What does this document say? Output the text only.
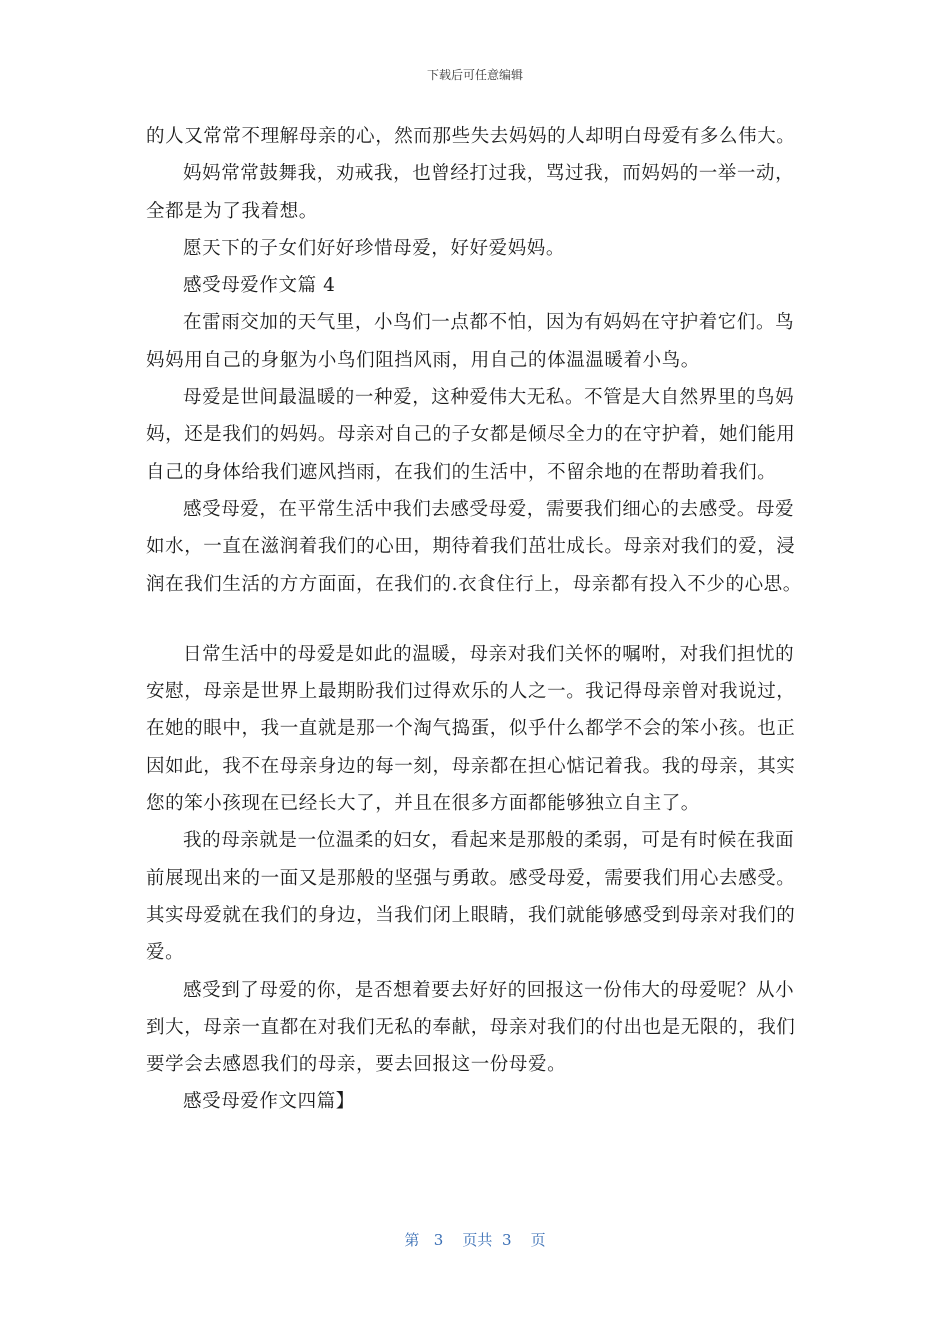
下载后可任意编辑
的人又常常不理解母亲的心，然而那些失去妈妈的人却明白母爱有多么伟大。
妈妈常常鼓舞我，劝戒我，也曾经打过我，骂过我，而妈妈的一举一动，
全都是为了我着想。
愿天下的子女们好好珍惜母爱，好好爱妈妈。
感受母爱作文篇 4
在雷雨交加的天气里，小鸟们一点都不怕，因为有妈妈在守护着它们。鸟
妈妈用自己的身躯为小鸟们阻挡风雨，用自己的体温温暖着小鸟。
母爱是世间最温暖的一种爱，这种爱伟大无私。不管是大自然界里的鸟妈
妈，还是我们的妈妈。母亲对自己的子女都是倾尽全力的在守护着，她们能用
自己的身体给我们遮风挡雨，在我们的生活中，不留余地的在帮助着我们。
感受母爱，在平常生活中我们去感受母爱，需要我们细心的去感受。母爱
如水，一直在滋润着我们的心田，期待着我们茁壮成长。母亲对我们的爱，浸
润在我们生活的方方面面，在我们的.衣食住行上，母亲都有投入不少的心思。
日常生活中的母爱是如此的温暖，母亲对我们关怀的嘱咐，对我们担忧的
安慰，母亲是世界上最期盼我们过得欢乐的人之一。我记得母亲曾对我说过，
在她的眼中，我一直就是那一个淘气捣蛋，似乎什么都学不会的笨小孩。也正
因如此，我不在母亲身边的每一刻，母亲都在担心惦记着我。我的母亲，其实
您的笨小孩现在已经长大了，并且在很多方面都能够独立自主了。
我的母亲就是一位温柔的妇女，看起来是那般的柔弱，可是有时候在我面
前展现出来的一面又是那般的坚强与勇敢。感受母爱，需要我们用心去感受。
其实母爱就在我们的身边，当我们闭上眼睛，我们就能够感受到母亲对我们的
爱。
感受到了母爱的你，是否想着要去好好的回报这一份伟大的母爱呢？从小
到大，母亲一直都在对我们无私的奉献，母亲对我们的付出也是无限的，我们
要学会去感恩我们的母亲，要去回报这一份母爱。
感受母爱作文四篇】
第 3 页共 3 页
